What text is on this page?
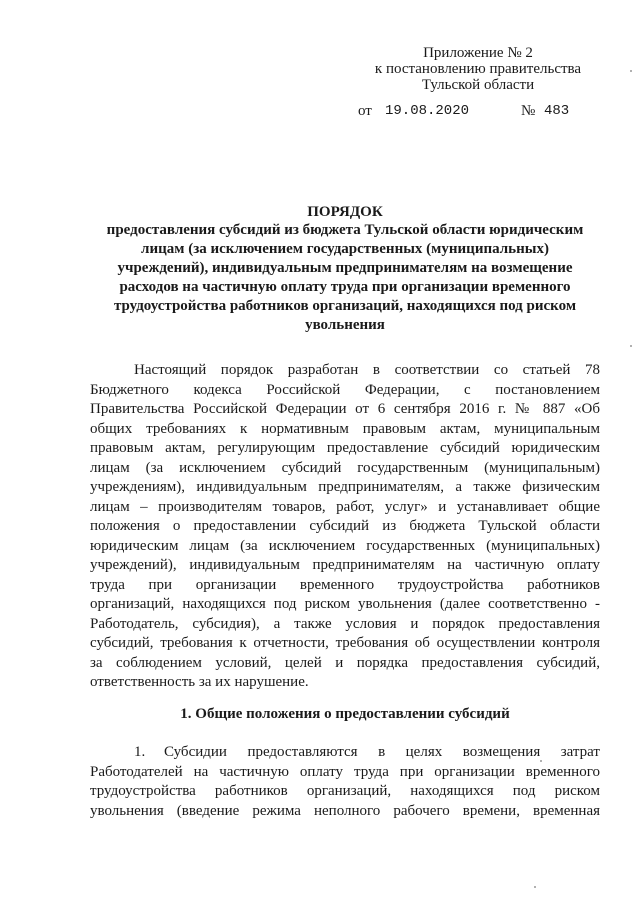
Приложение № 2
к постановлению правительства
Тульской области
от 19.08.2020	№ 483
ПОРЯДОК
предоставления субсидий из бюджета Тульской области юридическим
лицам (за исключением государственных (муниципальных)
учреждений), индивидуальным предпринимателям на возмещение
расходов на частичную оплату труда при организации временного
трудоустройства работников организаций, находящихся под риском
увольнения
Настоящий порядок разработан в соответствии со статьей 78
Бюджетного кодекса Российской Федерации, с постановлением
Правительства Российской Федерации от 6 сентября 2016 г. № 887 «Об
общих требованиях к нормативным правовым актам, муниципальным
правовым актам, регулирующим предоставление субсидий юридическим
лицам (за исключением субсидий государственным (муниципальным)
учреждениям), индивидуальным предпринимателям, а также физическим
лицам – производителям товаров, работ, услуг» и устанавливает общие
положения о предоставлении субсидий из бюджета Тульской области
юридическим лицам (за исключением государственных (муниципальных)
учреждений), индивидуальным предпринимателям на частичную оплату
труда при организации временного трудоустройства работников
организаций, находящихся под риском увольнения (далее соответственно -
Работодатель, субсидия), а также условия и порядок предоставления
субсидий, требования к отчетности, требования об осуществлении контроля
за соблюдением условий, целей и порядка предоставления субсидий,
ответственность за их нарушение.
1. Общие положения о предоставлении субсидий
1. Субсидии предоставляются в целях возмещения затрат
Работодателей на частичную оплату труда при организации временного
трудоустройства работников организаций, находящихся под риском
увольнения (введение режима неполного рабочего времени, временная
